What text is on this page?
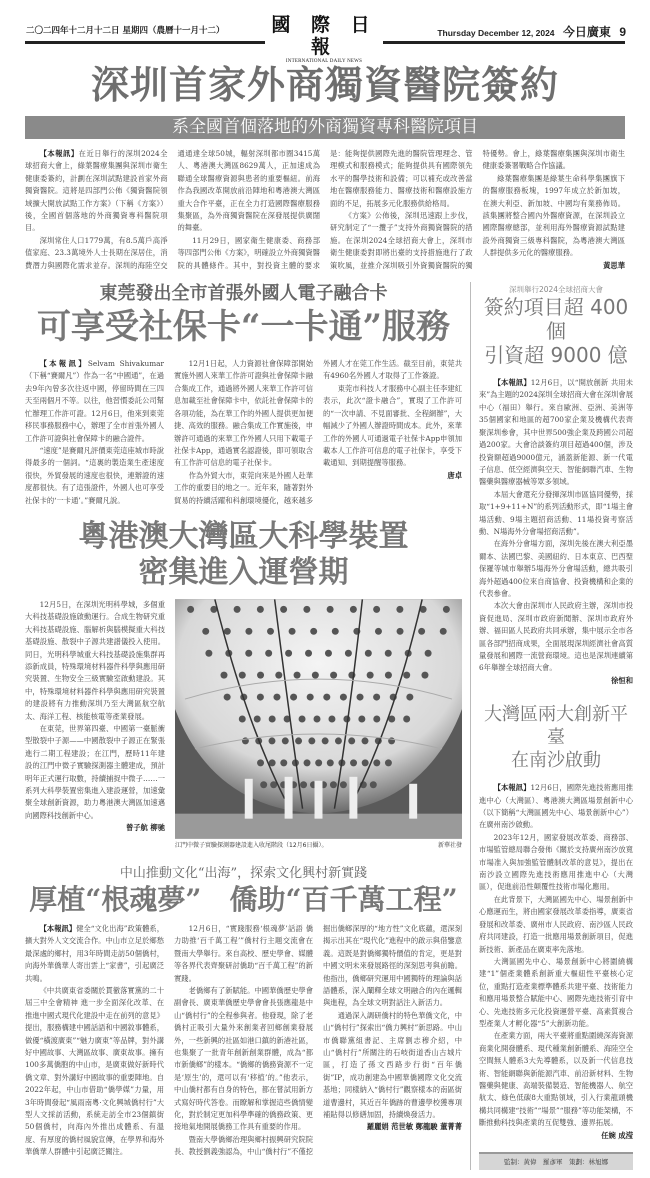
二〇二四年十二月十二日 星期四（農曆十一月十二） 國 際 日 報
INTERNATIONAL DAILY NEWS
Thursday December 12, 2024 今日廣東 9
深圳首家外商獨資醫院簽約
系全國首個落地的外商獨資專科醫院項目

【本報訊】在近日舉行的深圳2024全球招商大會上，綠葉醫療集團與深圳市衛生健康委簽約，計劃在深圳試點建設首家外商獨資醫院。這將是四部門公佈《獨資醫院領域擴大開放試點工作方案》（下稱《方案》）後，全國首個落地的外商獨資專科醫院項目。

深圳常住人口1779萬，有8.5萬戶高淨值家庭、23.3萬境外人士長期在深居住，消費潛力與國際化需求並存。深圳的海陸空交通通達全球50城，輻射深圳都市圈3415萬人、粵港澳大灣區8629萬人，正加速成為聯通全球醫療資源與患者的重要樞紐。前海作為我國改革開放前沿陣地和粵港澳大灣區重大合作平臺，正在全力打造國際醫療服務集聚區，為外商獨資醫院在深發展提供廣闊的舞臺。

11月29日，國家衛生健康委、商務部等四部門公佈《方案》，明確設立外商獨資醫院的具體條件。其中，對投資主體的要求是：能夠提供國際先進的醫院管理理念、管理模式和服務模式；能夠提供具有國際領先水平的醫學技術和設備；可以補充或改善當地在醫療服務能力、醫療技術和醫療設施方面的不足，拓展多元化服務供給格局。

《方案》公佈後，深圳迅速跟上步伐，研究制定了“一攬子”支持外商獨資醫院的措施。在深圳2024全球招商大會上，深圳市衛生健康委對即將出臺的支持措施進行了政策吹風，並推介深圳吸引外資獨資醫院的獨特優勢。會上，綠葉醫療集團與深圳市衛生健康委簽署戰略合作協議。

綠葉醫療集團是綠葉生命科學集團旗下的醫療服務板塊，1997年成立於新加坡，在澳大利亞、新加坡、中國均有業務佈局。該集團將整合國內外醫療資源，在深圳設立國際醫療總部，並利用海外醫療資源試點建設外商獨資三級專科醫院，為粵港澳大灣區人群提供多元化的醫療服務。

黃思華
東莞發出全市首張外國人電子融合卡
可享受社保卡“一卡通”服務

【本報訊】Selvam Shivakumar（下稱“賽爾凡”）作為一名“中國通”，在過去9年內曾多次往返中國，停留時間在三四天至兩個月不等。以往，他習慣委託公司幫忙辦理工作許可證。12月6日，他來到東莞移民事務服務中心，辦理了全市首張外國人工作許可證與社會保障卡的融合證件。

“速度”是賽爾凡評價東莞這座城市時說得最多的一個詞。“這裏的製造業生產速度很快，外貿發展的速度也很快，連辦證的速度都很快。有了這張證件，外國人也可享受社保卡的‘一卡通’。”賽爾凡說。

12月1日起，人力資源社會保障部開始實施外國人來華工作許可證與社會保障卡融合集成工作，通過將外國人來華工作許可信息加載至社會保障卡中，依託社會保障卡的各項功能，為在華工作的外國人提供更加便捷、高效的服務。融合集成工作實施後，申辦許可通過的來華工作外國人只用下載電子社保卡App，通過實名認證後，即可領取含有工作許可信息的電子社保卡。

作為外貿大市，東莞向來是外國人赴華工作的重要目的地之一。近年來，隨著對外貿易的持續活躍和科創環境優化，越來越多外國人才在莞工作生活。截至目前，東莞共有4960名外國人才取得了工作簽證。

東莞市科技人才服務中心副主任李建紅表示，此次“證卡融合”，實現了工作許可的“一次申請、不見面審批、全程網辦”，大幅減少了外國人辦證時間成本。此外，來華工作的外國人可通過電子社保卡App申領加載本人工作許可信息的電子社保卡，享受下載通知、到期提醒等服務。

唐卓
粵港澳大灣區大科學裝置
密集進入運營期

12月5日，在深圳光明科學城，多個重大科技基礎設施啟動運行。合成生物研究重大科技基礎設施、腦解析與腦模擬重大科技基礎設施、散裂中子源共建譜儀投入使用。同日，光明科學城重大科技基礎設施集群再添新成員，特殊環境材料器件科學與應用研究裝置、生物安全三級實驗室啟動建設。其中，特殊環境材料器件科學與應用研究裝置的建設將有力推動深圳乃至大灣區航空航太、海洋工程、核能核電等產業發展。

在東莞，世界第四臺、中國第一臺脈衝型散裂中子源——中國散裂中子源正在緊張進行二期工程建設；在江門，歷時11年建設的江門中微子實驗探測器主體建成，預計明年正式運行取數，持續捕捉中微子……一系列大科學裝置密集進入建設運營，加速彙聚全球創新資源，助力粵港澳大灣區加速邁向國際科技創新中心。

曾子航 柳驰
江門中微子實驗探測器建設進入收尾階段（12月6日攝）。	新華社發
中山推動文化“出海”，探索文化興村新實踐
厚植“根魂夢”　僑助“百千萬工程”

【本報訊】健全“文化出海”政策體系，擴大對外人文交流合作。中山市立足於鄉愁最深處的鄉村，用3年時間走訪50個僑村，向海外華僑華人寄出雲上“家書”，引起廣泛共鳴。

《中共廣東省委關於貫徹落實黨的二十屆三中全會精神 進一步全面深化改革、在推進中國式現代化建設中走在前列的意見》提出，服務構建中國話語和中國敘事體系，做優“橫渡廣東”“魅力廣東”等品牌，對外講好中國故事、大灣區故事、廣東故事。擁有100多萬僑胞的中山市，是廣東做好新時代僑文章、對外講好中國故事的重要陣地。自2022年起，中山市借助“僑學媒”力量，用3年時間發起“風雨南粵·文化興城僑村行”大型人文採訪活動，系統走訪全市23個鎮街50個僑村，向海內外推出成體系、有溫度、有厚度的僑村風貌宣傳，在學界和海外華僑華人群體中引起廣泛關注。

12月6日，“實踐服務‘根魂夢’話語 僑力助推‘百千萬工程’”僑村行主題交流會在暨南大學舉行。來自高校、歷史學會、媒體等各界代表齊聚研討僑助“百千萬工程”的新實踐。

老僑鄉有了新賦能。中國華僑歷史學會副會長、廣東華僑歷史學會會長張應龍是中山“僑村行”的全程參與者。他發現，除了老僑村正吸引大量外來創業者回鄉創業發展外，一些新興的社區如港口鎮的新港社區，也集聚了一批青年創新創業群體，成為“都市新僑鄉”的樣本。“僑鄉的僑務資源不一定是‘原生’的，還可以有‘移植’的。”他表示，中山僑村都有自身的特色，都在嘗試用新方式寫好時代答卷。而瞭解和掌握這些僑情變化，對於制定更加科學準確的僑務政策、更接地氣地開展僑務工作具有重要的作用。

暨南大學僑鄉治理與鄉村振興研究院院長、教授劉義強認為，中山“僑村行”不僅挖掘出僑鄉深厚的“地方性”文化底蘊，還深刻揭示出其在“現代化”進程中的啟示與借鑒意義。這既是對僑鄉獨特價值的肯定，更是對中國文明未來發展路徑的深刻思考與前瞻。他指出，僑鄉研究運用中國獨特的理論與話語體系，深入闡釋全球文明融合的內在邏輯與進程，為全球文明對話注入新活力。

通過深入調研僑村的特色華僑文化，中山“僑村行”探索出“僑力興村”新思路。中山市僑聯黨組書記、主席劉志穆介紹，中山“僑村行”所關注的石岐街道香山古城片區，打造了孫文西路步行街“百年僑街”IP，成功創建為中國華僑國際文化交流基地；同樣納入“僑村行”觀察樣本的南區街道曹邊村，其近百年僑跡的曹邊學校獲專項補貼得以修繕加固，持續煥發活力。

羅麗娟 范世敏 鄭龍駿 董菁菁
深圳舉行2024全球招商大會
簽約項目超 400 個
引資超 9000 億

【本報訊】12月6日，以“開放創新 共用未來”為主題的2024深圳全球招商大會在深圳會展中心（福田）舉行。來自歐洲、亞洲、美洲等35個國家和地區的超700家企業及機構代表齊聚深圳參會，其中世界500強企業及跨國公司超過200家。大會洽談簽約項目超過400個，涉及投資額超過9000億元，涵蓋新能源、新一代電子信息、低空經濟與空天、智能網聯汽車、生物醫藥與醫療器械等眾多領域。

本屆大會還充分發揮深圳市區協同優勢，採取“1+9+11+N”的系列活動形式，即“1場主會場活動、9場主題招商活動、11場投資考察活動、N場海外分會場招商活動”。

在海外分會場方面，深圳先後在澳大利亞墨爾本、法國巴黎、美國紐約、日本東京、巴西聖保羅等城市舉辦5場海外分會場活動，總共吸引海外超過400位來自商協會、投資機構和企業的代表參會。

本次大會由深圳市人民政府主辦，深圳市投資促進局、深圳市政府新聞辦、深圳市政府外辦、福田區人民政府共同承辦，集中展示全市各區各部門招商成果，全面展現深圳經濟社會高質量發展和國際一流營商環境。這也是深圳連續第6年舉辦全球招商大會。

徐恒和
大灣區兩大創新平臺
在南沙啟動

【本報訊】12月6日，國際先進技術應用推進中心（大灣區）、粵港澳大灣區場景創新中心（以下簡稱“大灣區國先中心、場景創新中心”）在廣州南沙啟動。

2023年12月，國家發展改革委、商務部、市場監管總局聯合發佈《關於支持廣州南沙放寬市場准入與加強監管體制改革的意見》，提出在南沙設立國際先進技術應用推進中心（大灣區），促進前沿性顛覆性技術市場化應用。

在此背景下，大灣區國先中心、場景創新中心應運而生，將由國家發展改革委指導，廣東省發展和改革委、廣州市人民政府、南沙區人民政府共同建設，打造一批應用場景創新項目，促進新技術、新產品在廣東率先落地。

大灣區國先中心、場景創新中心將圍繞構建“1”個產業體系創新重大樞紐性平臺核心定位，重點打造產業標準體系共建平臺、技術能力和應用場景整合賦能中心、國際先進技術引育中心、先進技術多元化投資運營平臺、高素質複合型產業人才孵化器“5”大創新功能。

在產業方面，兩大平臺將重點圍繞深海資源商業化開發體系、現代種業創新體系、海陸空全空間無人體系3大先導體系，以及新一代信息技術、智能網聯與新能源汽車、前沿新材料、生物醫藥與健康、高端裝備製造、智能機器人、航空航太、綠色低碳8大重點領域，引入行業龍頭機構共同構建“技術”“場景”“服務”等功能架構，不斷推動科技與產業的互促雙強、邊界拓展。

任婉 成滢
監制：黃偉　羅彥軍　策劃：林旭娜
